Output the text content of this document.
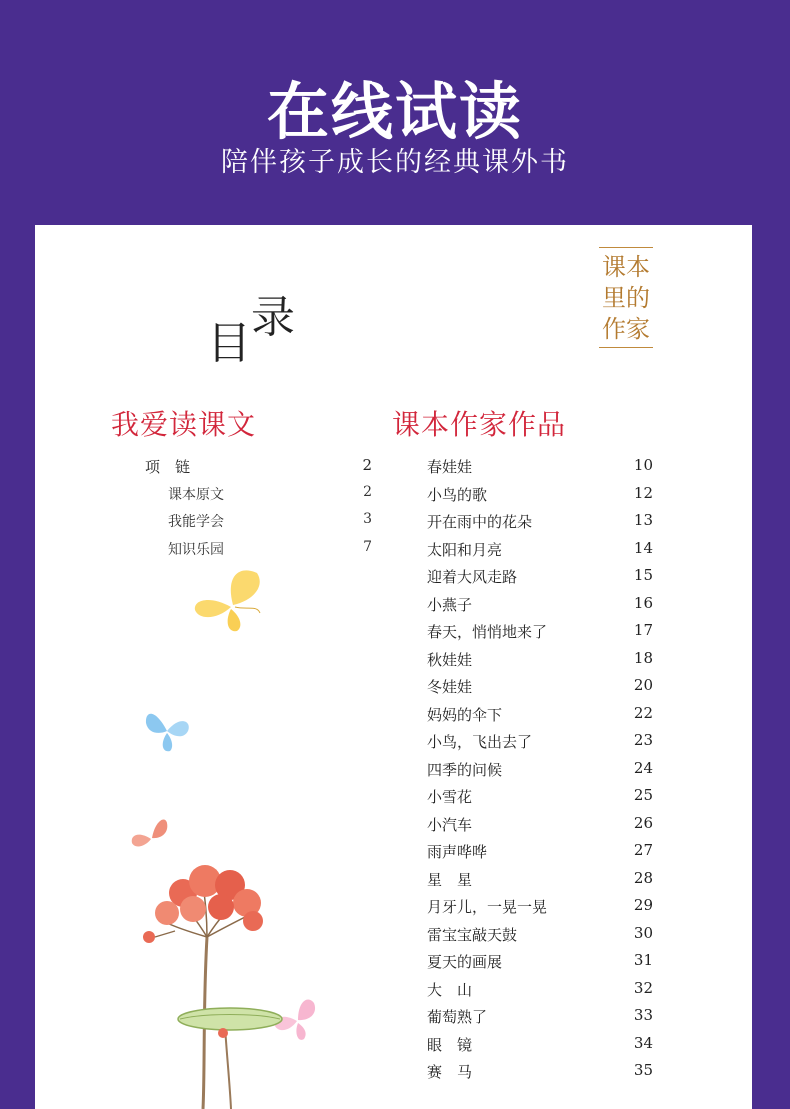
在线试读
陪伴孩子成长的经典课外书
课本
里的
作家
目
录
我爱读课文	课本作家作品
项　链	2
课本原文	2
我能学会	3
知识乐园	7
春娃娃	10
小鸟的歌	12
开在雨中的花朵	13
太阳和月亮	14
迎着大风走路	15
小燕子	16
春天，悄悄地来了	17
秋娃娃	18
冬娃娃	20
妈妈的伞下	22
小鸟，飞出去了	23
四季的问候	24
小雪花	25
小汽车	26
雨声哗哗	27
星　星	28
月牙儿，一晃一晃	29
雷宝宝敲天鼓	30
夏天的画展	31
大　山	32
葡萄熟了	33
眼　镜	34
赛　马	35
